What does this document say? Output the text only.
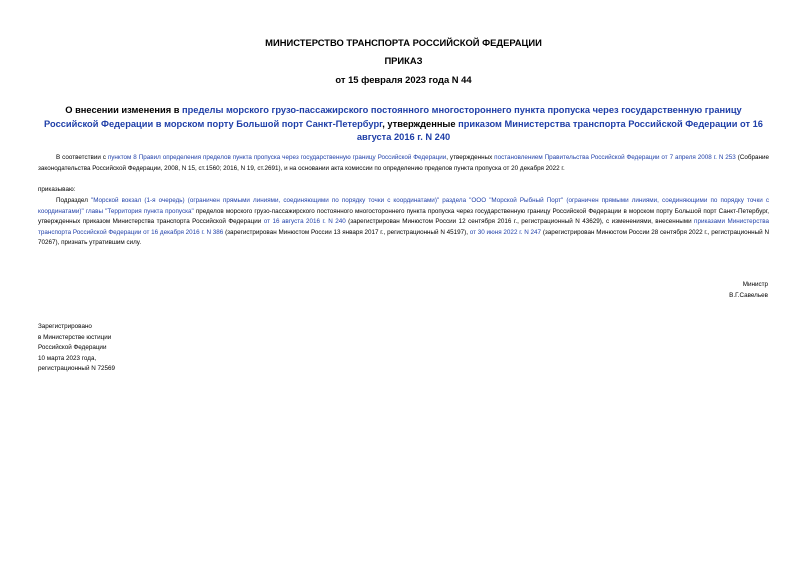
МИНИСТЕРСТВО ТРАНСПОРТА РОССИЙСКОЙ ФЕДЕРАЦИИ
ПРИКАЗ
от 15 февраля 2023 года N 44
О внесении изменения в пределы морского грузо-пассажирского постоянного многостороннего пункта пропуска через государственную границу Российской Федерации в морском порту Большой порт Санкт-Петербург, утвержденные приказом Министерства транспорта Российской Федерации от 16 августа 2016 г. N 240
В соответствии с пунктом 8 Правил определения пределов пункта пропуска через государственную границу Российской Федерации, утвержденных постановлением Правительства Российской Федерации от 7 апреля 2008 г. N 253 (Собрание законодательства Российской Федерации, 2008, N 15, ст.1560; 2016, N 19, ст.2691), и на основании акта комиссии по определению пределов пункта пропуска от 20 декабря 2022 г.
приказываю:
Подраздел "Морской вокзал (1-я очередь) (ограничен прямыми линиями, соединяющими по порядку точки с координатами)" раздела "ООО "Морской Рыбный Порт" (ограничен прямыми линиями, соединяющими по порядку точки с координатами)" главы "Территория пункта пропуска" пределов морского грузо-пассажирского постоянного многостороннего пункта пропуска через государственную границу Российской Федерации в морском порту Большой порт Санкт-Петербург, утвержденных приказом Министерства транспорта Российской Федерации от 16 августа 2016 г. N 240 (зарегистрирован Минюстом России 12 сентября 2016 г., регистрационный N 43629), с изменениями, внесенными приказами Министерства транспорта Российской Федерации от 16 декабря 2016 г. N 386 (зарегистрирован Минюстом России 13 января 2017 г., регистрационный N 45197), от 30 июня 2022 г. N 247 (зарегистрирован Минюстом России 28 сентября 2022 г., регистрационный N 70267), признать утратившим силу.
Министр
В.Г.Савельев
Зарегистрировано
в Министерстве юстиции
Российской Федерации
10 марта 2023 года,
регистрационный N 72569
